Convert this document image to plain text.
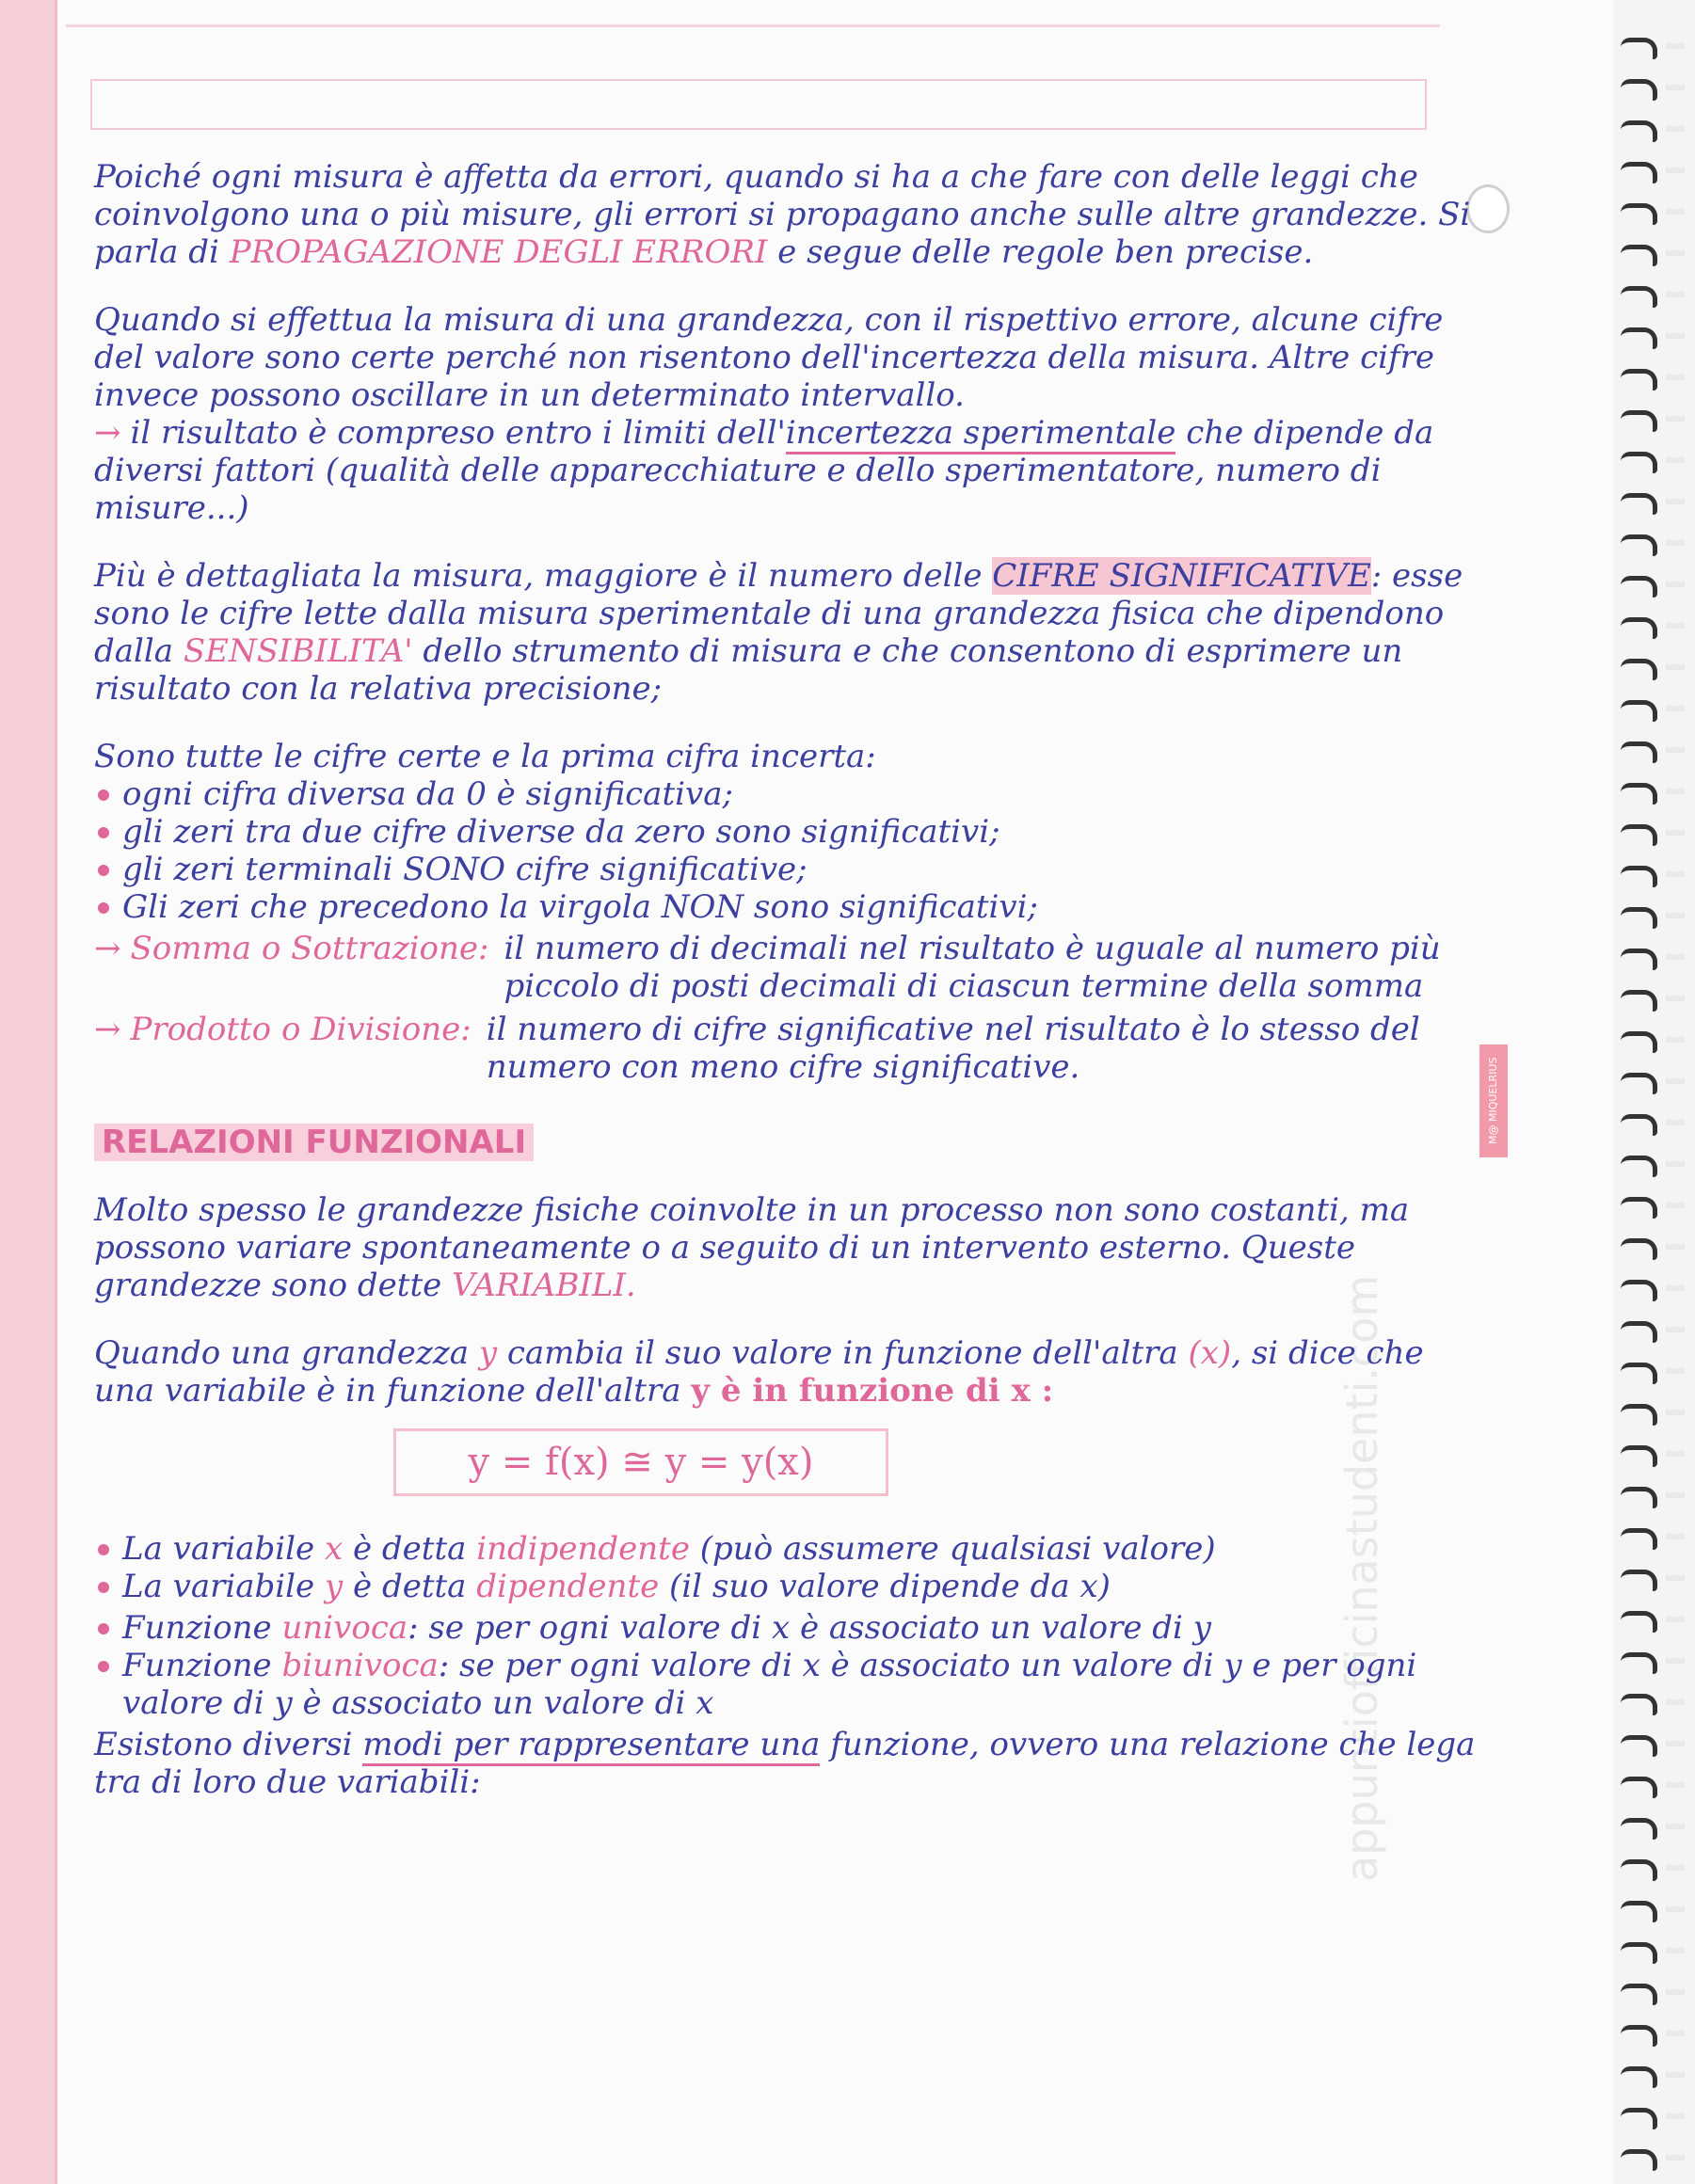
appuntiofficinastudenti.com
M@ MIQUELRIUS

Poiché ogni misura è affetta da errori, quando si ha a che fare con delle leggi che coinvolgono una o più misure, gli errori si propagano anche sulle altre grandezze. Si parla di PROPAGAZIONE DEGLI ERRORI e segue delle regole ben precise.

Quando si effettua la misura di una grandezza, con il rispettivo errore, alcune cifre del valore sono certe perché non risentono dell'incertezza della misura. Altre cifre invece possono oscillare in un determinato intervallo.
→ il risultato è compreso entro i limiti dell'incertezza sperimentale che dipende da diversi fattori (qualità delle apparecchiature e dello sperimentatore, numero di misure...)

Più è dettagliata la misura, maggiore è il numero delle CIFRE SIGNIFICATIVE: esse sono le cifre lette dalla misura sperimentale di una grandezza fisica che dipendono dalla SENSIBILITA' dello strumento di misura e che consentono di esprimere un risultato con la relativa precisione;

Sono tutte le cifre certe e la prima cifra incerta:
ogni cifra diversa da 0 è significativa;
gli zeri tra due cifre diverse da zero sono significativi;
gli zeri terminali SONO cifre significative;
Gli zeri che precedono la virgola NON sono significativi;
→ Somma o Sottrazione: il numero di decimali nel risultato è uguale al numero più piccolo di posti decimali di ciascun termine della somma
→ Prodotto o Divisione: il numero di cifre significative nel risultato è lo stesso del numero con meno cifre significative.
RELAZIONI FUNZIONALI

Molto spesso le grandezze fisiche coinvolte in un processo non sono costanti, ma possono variare spontaneamente o a seguito di un intervento esterno. Queste grandezze sono dette VARIABILI.

Quando una grandezza y cambia il suo valore in funzione dell'altra (x), si dice che una variabile è in funzione dell'altra y è in funzione di x :

y = f(x) ≅ y = y(x)
La variabile x è detta indipendente (può assumere qualsiasi valore)
La variabile y è detta dipendente (il suo valore dipende da x)
Funzione univoca: se per ogni valore di x è associato un valore di y
Funzione biunivoca: se per ogni valore di x è associato un valore di y e per ogni valore di y è associato un valore di x

Esistono diversi modi per rappresentare una funzione, ovvero una relazione che lega tra di loro due variabili:
